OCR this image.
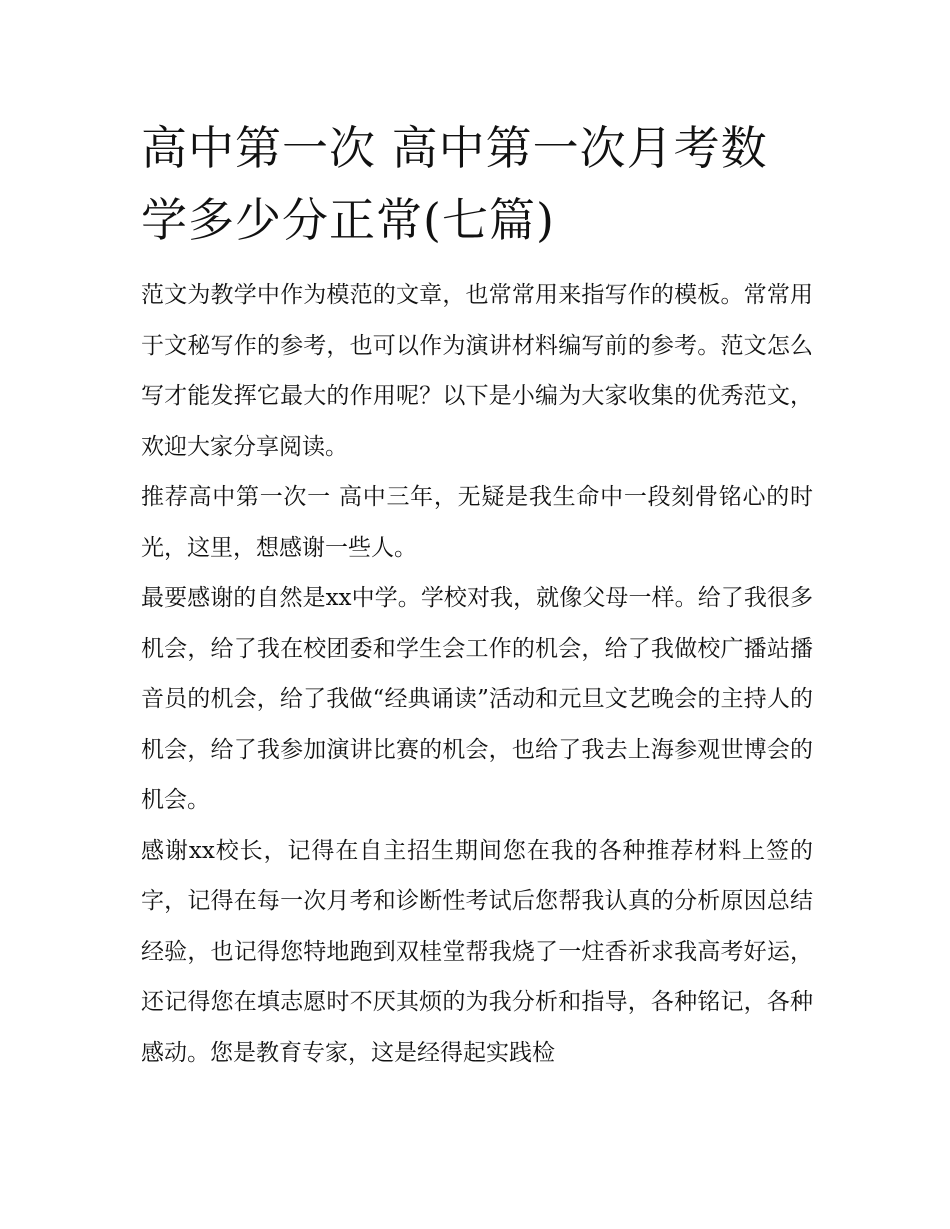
高中第一次 高中第一次月考数学多少分正常(七篇)

范文为教学中作为模范的文章，也常常用来指写作的模板。常常用于文秘写作的参考，也可以作为演讲材料编写前的参考。范文怎么写才能发挥它最大的作用呢？以下是小编为大家收集的优秀范文，欢迎大家分享阅读。

推荐高中第一次一 高中三年，无疑是我生命中一段刻骨铭心的时光，这里，想感谢一些人。

最要感谢的自然是xx中学。学校对我，就像父母一样。给了我很多机会，给了我在校团委和学生会工作的机会，给了我做校广播站播音员的机会，给了我做“经典诵读”活动和元旦文艺晚会的主持人的机会，给了我参加演讲比赛的机会，也给了我去上海参观世博会的机会。

感谢xx校长，记得在自主招生期间您在我的各种推荐材料上签的字，记得在每一次月考和诊断性考试后您帮我认真的分析原因总结经验，也记得您特地跑到双桂堂帮我烧了一炷香祈求我高考好运，还记得您在填志愿时不厌其烦的为我分析和指导，各种铭记，各种感动。您是教育专家，这是经得起实践检
